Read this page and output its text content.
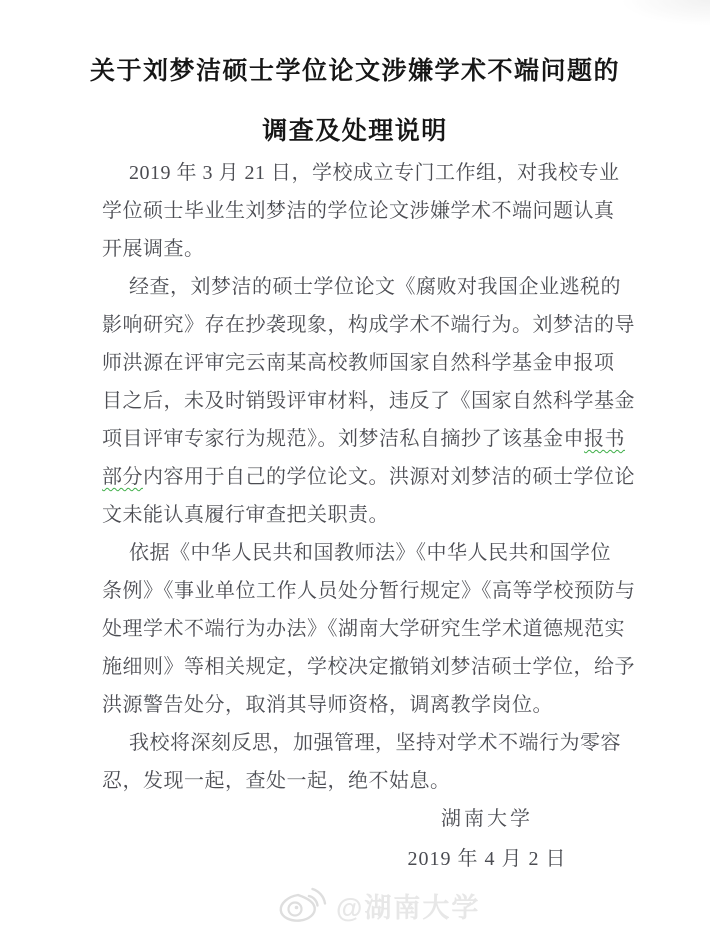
关于刘梦洁硕士学位论文涉嫌学术不端问题的
调查及处理说明
2019 年 3 月 21 日，学校成立专门工作组，对我校专业
学位硕士毕业生刘梦洁的学位论文涉嫌学术不端问题认真
开展调查。
经查，刘梦洁的硕士学位论文《腐败对我国企业逃税的
影响研究》存在抄袭现象，构成学术不端行为。刘梦洁的导
师洪源在评审完云南某高校教师国家自然科学基金申报项
目之后，未及时销毁评审材料，违反了《国家自然科学基金
项目评审专家行为规范》。刘梦洁私自摘抄了该基金申报书
部分内容用于自己的学位论文。洪源对刘梦洁的硕士学位论
文未能认真履行审查把关职责。
依据《中华人民共和国教师法》《中华人民共和国学位
条例》《事业单位工作人员处分暂行规定》《高等学校预防与
处理学术不端行为办法》《湖南大学研究生学术道德规范实
施细则》等相关规定，学校决定撤销刘梦洁硕士学位，给予
洪源警告处分，取消其导师资格，调离教学岗位。
我校将深刻反思，加强管理，坚持对学术不端行为零容
忍，发现一起，查处一起，绝不姑息。
湖南大学
2019 年 4 月 2 日
@湖南大学
